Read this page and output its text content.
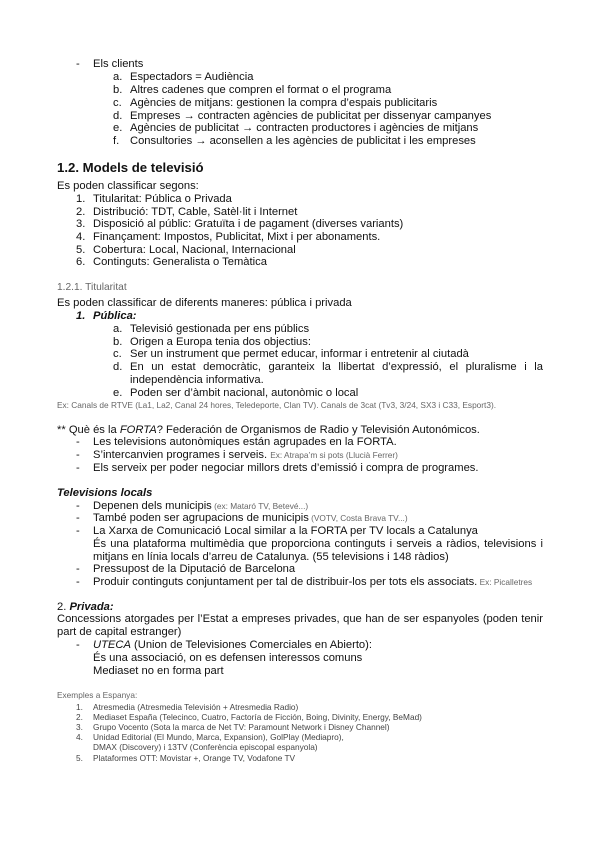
- Els clients
a. Espectadors = Audiència
b. Altres cadenes que compren el format o el programa
c. Agències de mitjans: gestionen la compra d’espais publicitaris
d. Empreses → contracten agències de publicitat per dissenyar campanyes
e. Agències de publicitat → contracten productores i agències de mitjans
f. Consultories → aconsellen a les agències de publicitat i les empreses
1.2. Models de televisió
Es poden classificar segons:
1. Titularitat: Pública o Privada
2. Distribució: TDT, Cable, Satèl·lit i Internet
3. Disposició al públic: Gratuïta i de pagament (diverses variants)
4. Finançament: Impostos, Publicitat, Mixt i per abonaments.
5. Cobertura: Local, Nacional, Internacional
6. Continguts: Generalista o Temàtica
1.2.1. Titularitat
Es poden classificar de diferents maneres: pública i privada
1. Pública:
a. Televisió gestionada per ens públics
b. Origen a Europa tenia dos objectius:
c. Ser un instrument que permet educar, informar i entretenir al ciutadà
d. En un estat democràtic, garanteix la llibertat d’expressió, el pluralisme i la independència informativa.
e. Poden ser d’àmbit nacional, autonòmic o local
Ex: Canals de RTVE (La1, La2, Canal 24 hores, Teledeporte, Clan TV). Canals de 3cat (Tv3, 3/24, SX3 i C33, Esport3).
** Què és la FORTA? Federación de Organismos de Radio y Televisión Autonómicos.
- Les televisions autonòmiques están agrupades en la FORTA.
- S’intercanvien programes i serveis. Ex: Atrapa’m si pots (Llucià Ferrer)
- Els serveix per poder negociar millors drets d’emissió i compra de programes.
Televisions locals
- Depenen dels municipis (ex: Mataró TV, Betevé...)
- També poden ser agrupacions de municipis (VOTV, Costa Brava TV...)
- La Xarxa de Comunicació Local similar a la FORTA per TV locals a Catalunya
És una plataforma multimèdia que proporciona continguts i serveis a ràdios, televisions i mitjans en línia locals d’arreu de Catalunya. (55 televisions i 148 ràdios)
- Pressupost de la Diputació de Barcelona
- Produir continguts conjuntament per tal de distribuir-los per tots els associats. Ex: Picalletres
2. Privada:
Concessions atorgades per l’Estat a empreses privades, que han de ser espanyoles (poden tenir part de capital estranger)
- UTECA (Union de Televisiones Comerciales en Abierto):
És una associació, on es defensen interessos comuns
Mediaset no en forma part
Exemples a Espanya:
1. Atresmedia (Atresmedia Televisión + Atresmedia Radio)
2. Mediaset España (Telecinco, Cuatro, Factoría de Ficción, Boing, Divinity, Energy, BeMad)
3. Grupo Vocento (Sota la marca de Net TV: Paramount Network i Disney Channel)
4. Unidad Editorial (El Mundo, Marca, Expansion), GolPlay (Mediapro),
DMAX (Discovery) i 13TV (Conferència episcopal espanyola)
5. Plataformes OTT: Movistar +, Orange TV, Vodafone TV
